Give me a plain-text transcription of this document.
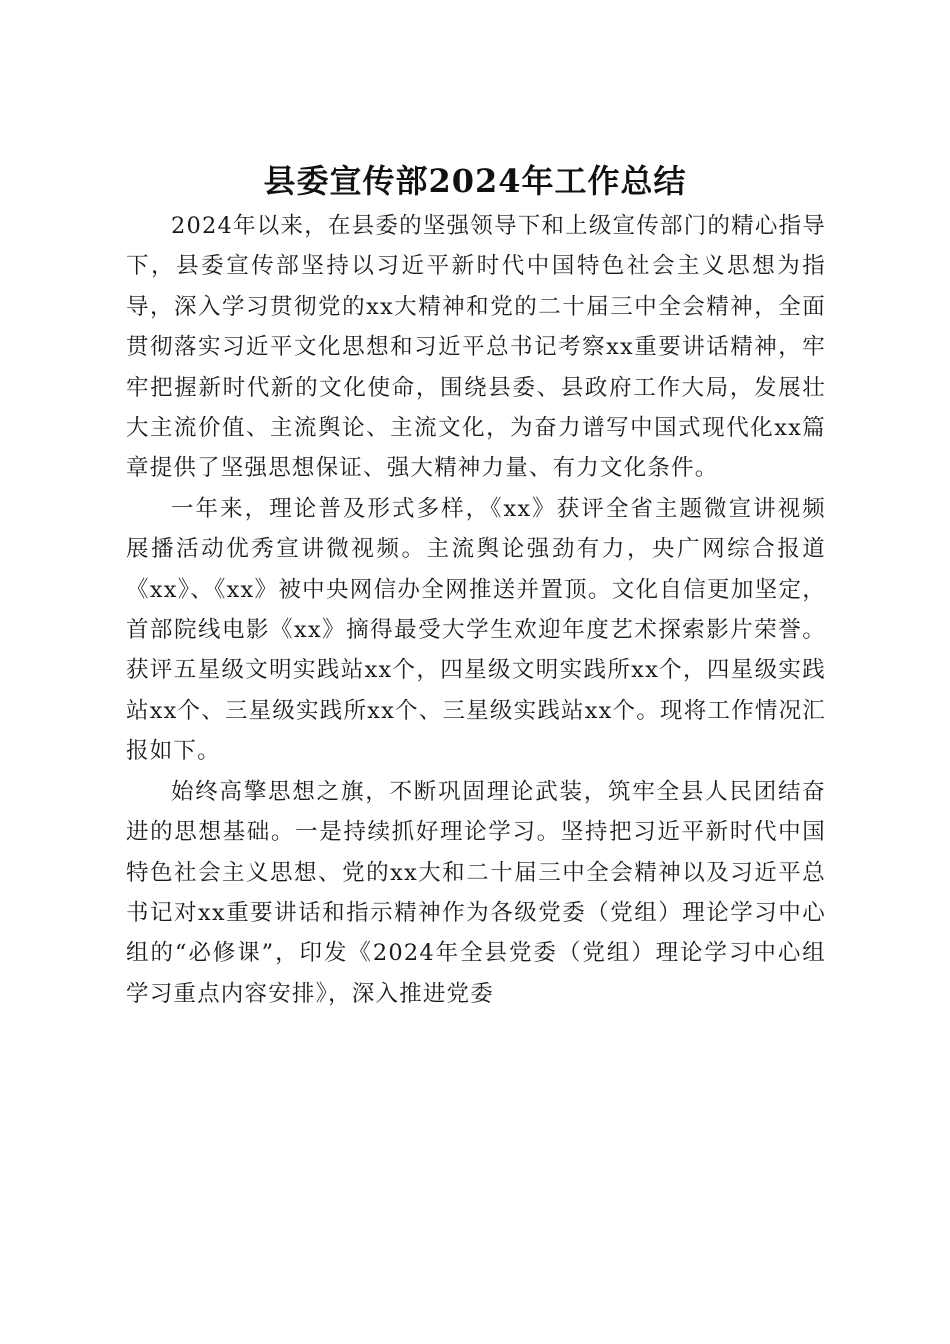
县委宣传部2024年工作总结

2024年以来，在县委的坚强领导下和上级宣传部门的精心指导下，县委宣传部坚持以习近平新时代中国特色社会主义思想为指导，深入学习贯彻党的xx大精神和党的二十届三中全会精神，全面贯彻落实习近平文化思想和习近平总书记考察xx重要讲话精神，牢牢把握新时代新的文化使命，围绕县委、县政府工作大局，发展壮大主流价值、主流舆论、主流文化，为奋力谱写中国式现代化xx篇章提供了坚强思想保证、强大精神力量、有力文化条件。

一年来，理论普及形式多样，《xx》获评全省主题微宣讲视频展播活动优秀宣讲微视频。主流舆论强劲有力，央广网综合报道《xx》、《xx》被中央网信办全网推送并置顶。文化自信更加坚定，首部院线电影《xx》摘得最受大学生欢迎年度艺术探索影片荣誉。获评五星级文明实践站xx个，四星级文明实践所xx个，四星级实践站xx个、三星级实践所xx个、三星级实践站xx个。现将工作情况汇报如下。

始终高擎思想之旗，不断巩固理论武装，筑牢全县人民团结奋进的思想基础。一是持续抓好理论学习。坚持把习近平新时代中国特色社会主义思想、党的xx大和二十届三中全会精神以及习近平总书记对xx重要讲话和指示精神作为各级党委（党组）理论学习中心组的“必修课”，印发《2024年全县党委（党组）理论学习中心组学习重点内容安排》，深入推进党委
